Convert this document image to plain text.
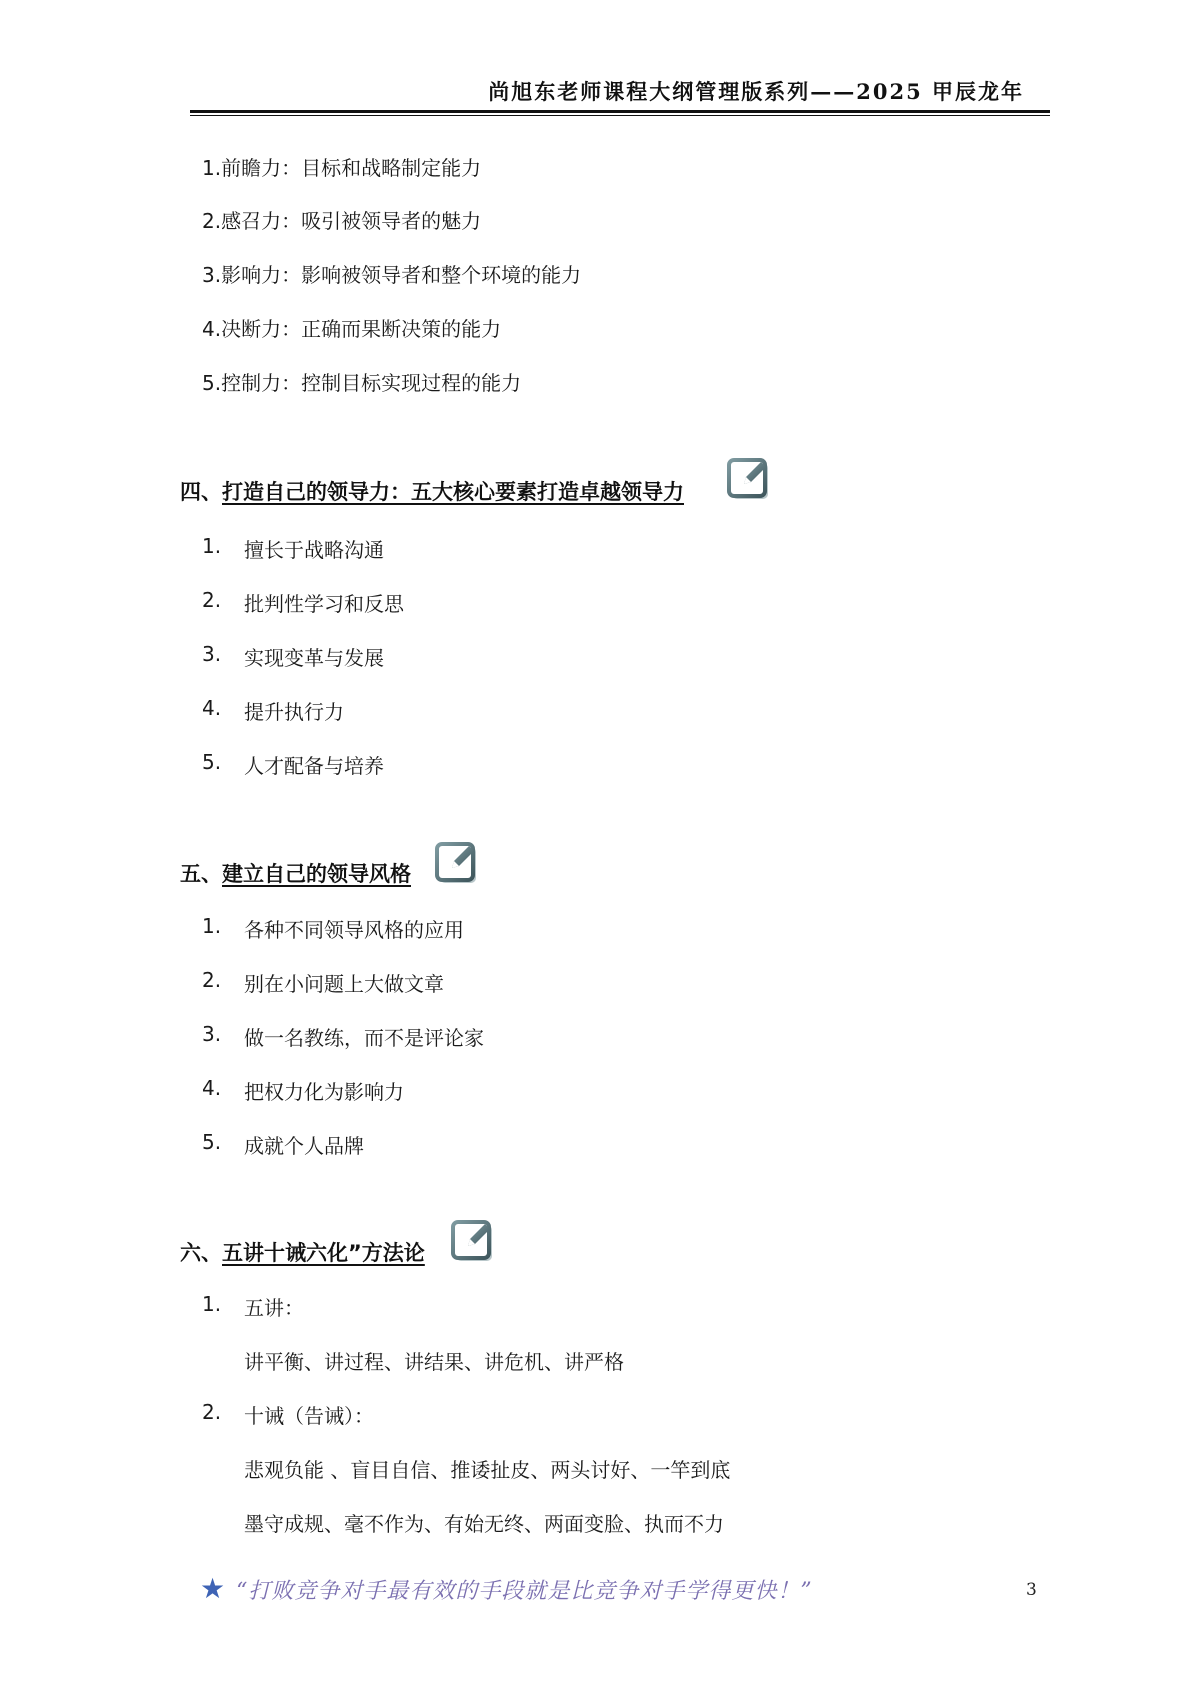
尚旭东老师课程大纲管理版系列——2025 甲辰龙年
1.前瞻力：目标和战略制定能力
2.感召力：吸引被领导者的魅力
3.影响力：影响被领导者和整个环境的能力
4.决断力：正确而果断决策的能力
5.控制力：控制目标实现过程的能力
四、打造自己的领导力：五大核心要素打造卓越领导力
1. 擅长于战略沟通
2. 批判性学习和反思
3. 实现变革与发展
4. 提升执行力
5. 人才配备与培养
五、建立自己的领导风格
1. 各种不同领导风格的应用
2. 别在小问题上大做文章
3. 做一名教练，而不是评论家
4. 把权力化为影响力
5. 成就个人品牌
六、五讲十诫六化”方法论
1. 五讲：
讲平衡、讲过程、讲结果、讲危机、讲严格
2. 十诫（告诫）：
悲观负能 、盲目自信、推诿扯皮、两头讨好、一竿到底
墨守成规、毫不作为、有始无终、两面变脸、执而不力
★ “打败竞争对手最有效的手段就是比竞争对手学得更快！”	3
